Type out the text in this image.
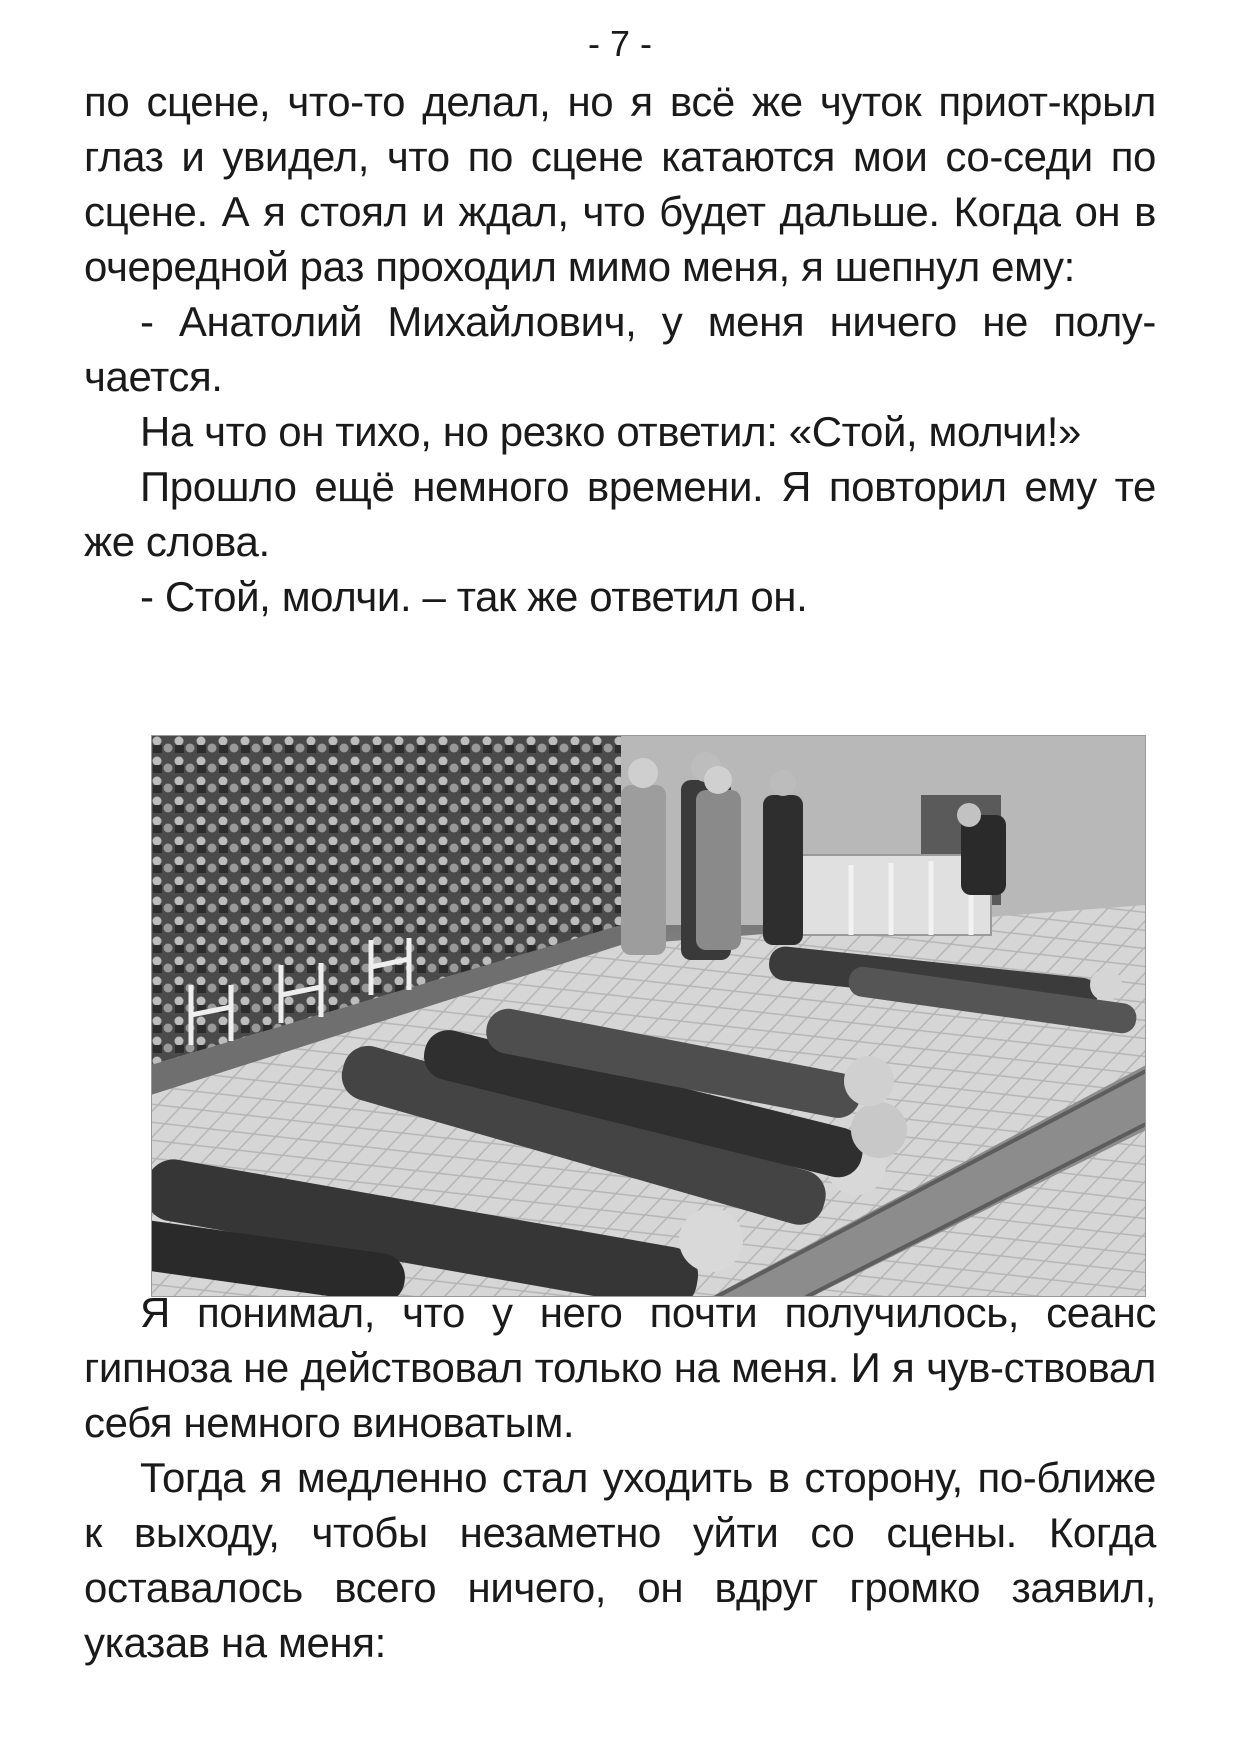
- 7 -

по сцене, что-то делал, но я всё же чуток приот-крыл глаз и увидел, что по сцене катаются мои со-седи по сцене. А я стоял и ждал, что будет дальше. Когда он в очередной раз проходил мимо меня, я шепнул ему:

- Анатолий Михайлович, у меня ничего не полу-чается.

На что он тихо, но резко ответил: «Стой, молчи!»

Прошло ещё немного времени. Я повторил ему те же слова.

- Стой, молчи. – так же ответил он.

Я понимал, что у него почти получилось, сеанс гипноза не действовал только на меня. И я чув-ствовал себя немного виноватым.

Тогда я медленно стал уходить в сторону, по-ближе к выходу, чтобы незаметно уйти со сцены. Когда оставалось всего ничего, он вдруг громко заявил, указав на меня:
